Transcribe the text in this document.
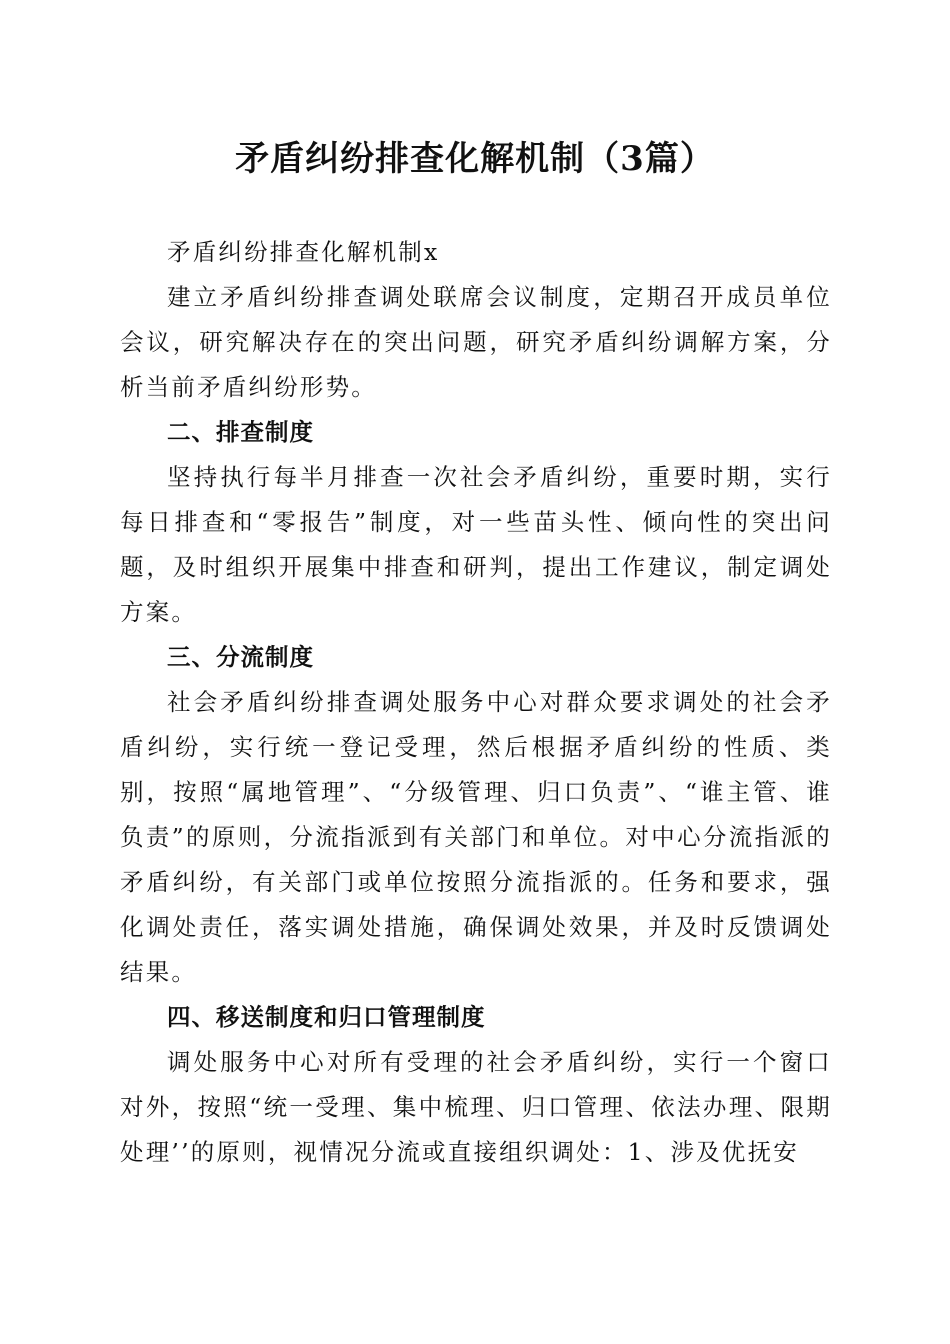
矛盾纠纷排查化解机制（3篇）

矛盾纠纷排查化解机制x

建立矛盾纠纷排查调处联席会议制度，定期召开成员单位会议，研究解决存在的突出问题，研究矛盾纠纷调解方案，分析当前矛盾纠纷形势。

二、排查制度

坚持执行每半月排查一次社会矛盾纠纷，重要时期，实行每日排查和“零报告”制度，对一些苗头性、倾向性的突出问题，及时组织开展集中排查和研判，提出工作建议，制定调处方案。

三、分流制度

社会矛盾纠纷排查调处服务中心对群众要求调处的社会矛盾纠纷，实行统一登记受理，然后根据矛盾纠纷的性质、类别，按照“属地管理”、“分级管理、归口负责”、“谁主管、谁负责”的原则，分流指派到有关部门和单位。对中心分流指派的矛盾纠纷，有关部门或单位按照分流指派的。任务和要求，强化调处责任，落实调处措施，确保调处效果，并及时反馈调处结果。

四、移送制度和归口管理制度

调处服务中心对所有受理的社会矛盾纠纷，实行一个窗口对外，按照“统一受理、集中梳理、归口管理、依法办理、限期处理’’的原则，视情况分流或直接组织调处：1、涉及优抚安
